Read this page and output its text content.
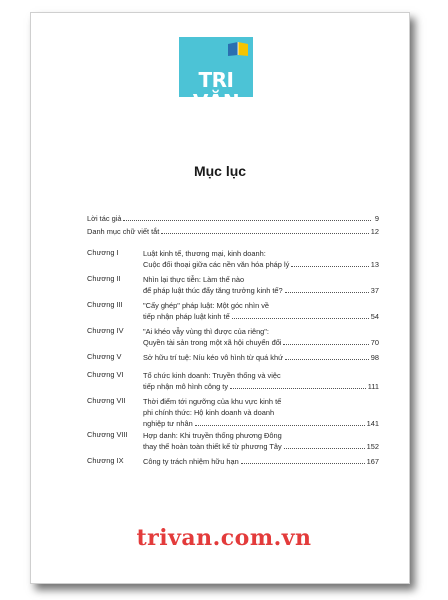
TRI VĂN
Mục lục
Lời tác giả	9
Danh mục chữ viết tắt	12
Chương I	Luật kinh tế, thương mại, kinh doanh:
Cuộc đối thoại giữa các nền văn hóa pháp lý	13
Chương II	Nhìn lại thực tiễn: Làm thế nào
để pháp luật thúc đẩy tăng trưởng kinh tế?	37
Chương III	"Cấy ghép" pháp luật: Một góc nhìn về
tiếp nhận pháp luật kinh tế	54
Chương IV	"Ai khéo vẫy vùng thì được của riêng":
Quyền tài sản trong một xã hội chuyển đổi	70
Chương V	Sở hữu trí tuệ: Níu kéo vô hình từ quá khứ	98
Chương VI	Tổ chức kinh doanh: Truyền thống và việc
tiếp nhận mô hình công ty	111
Chương VII Thời điểm tới ngưỡng của khu vực kinh tế
phi chính thức: Hộ kinh doanh và doanh
nghiệp tư nhân	141
Chương VIII Hợp danh: Khi truyền thống phương Đông
thay thế hoàn toàn thiết kế từ phương Tây	152
Chương IX	Công ty trách nhiệm hữu hạn	167
trivan.com.vn
